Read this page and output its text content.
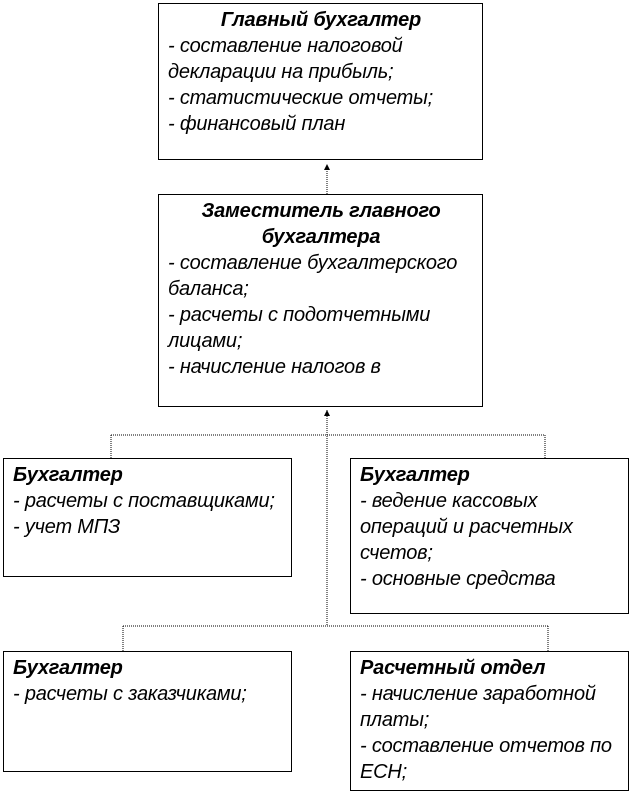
Главный бухгалтер
- составление налоговой декларации на прибыль;
- статистические отчеты;
- финансовый план
Заместитель главного бухгалтера
- составление бухгалтерского баланса;
- расчеты с подотчетными лицами;
- начисление налогов в
Бухгалтер
- расчеты с поставщиками;
- учет МПЗ
Бухгалтер
- ведение кассовых операций и расчетных счетов;
- основные средства
Бухгалтер
- расчеты с заказчиками;
Расчетный отдел
- начисление заработной платы;
- составление отчетов по ЕСН;
